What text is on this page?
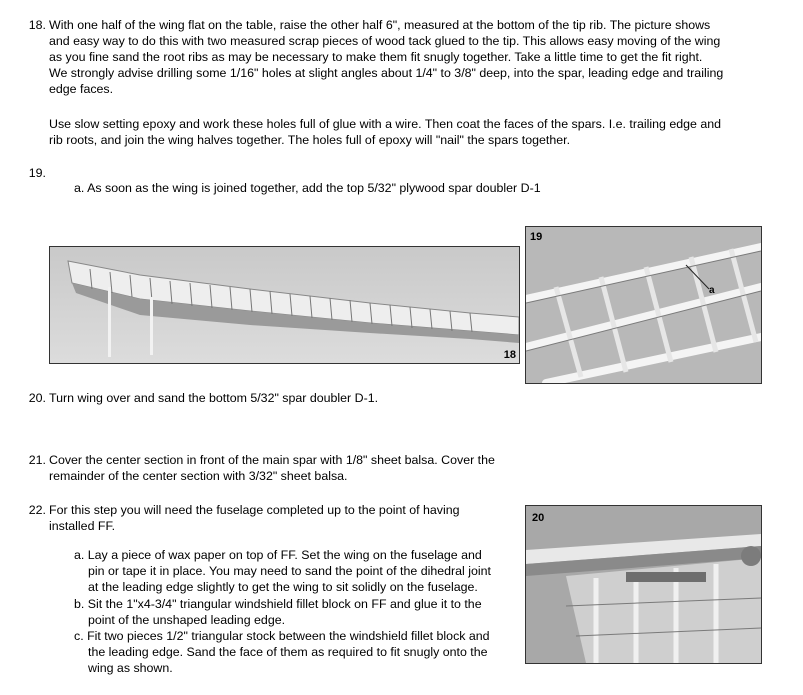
18. With one half of the wing flat on the table, raise the other half 6", measured at the bottom of the tip rib. The picture shows
and easy way to do this with two measured scrap pieces of wood tack glued to the tip. This allows easy moving of the wing
as you fine sand the root ribs as may be necessary to make them fit snugly together. Take a little time to get the fit right.
We strongly advise drilling some 1/16" holes at slight angles about 1/4" to 3/8" deep, into the spar, leading edge and trailing
edge faces.
Use slow setting epoxy and work these holes full of glue with a wire. Then coat the faces of the spars. I.e. trailing edge and
rib roots, and join the wing halves together. The holes full of epoxy will "nail" the spars together.
19.
a. As soon as the wing is joined together, add the top 5/32" plywood spar doubler D-1
18
19
a
20. Turn wing over and sand the bottom 5/32" spar doubler D-1.
21. Cover the center section in front of the main spar with 1/8" sheet balsa. Cover the
remainder of the center section with 3/32" sheet balsa.
22. For this step you will need the fuselage completed up to the point of having
installed FF.
a. Lay a piece of wax paper on top of FF. Set the wing on the fuselage and
pin or tape it in place. You may need to sand the point of the dihedral joint
at the leading edge slightly to get the wing to sit solidly on the fuselage.
b. Sit the 1"x4-3/4" triangular windshield fillet block on FF and glue it to the
point of the unshaped leading edge.
c. Fit two pieces 1/2" triangular stock between the windshield fillet block and
the leading edge. Sand the face of them as required to fit snugly onto the
wing as shown.
20
